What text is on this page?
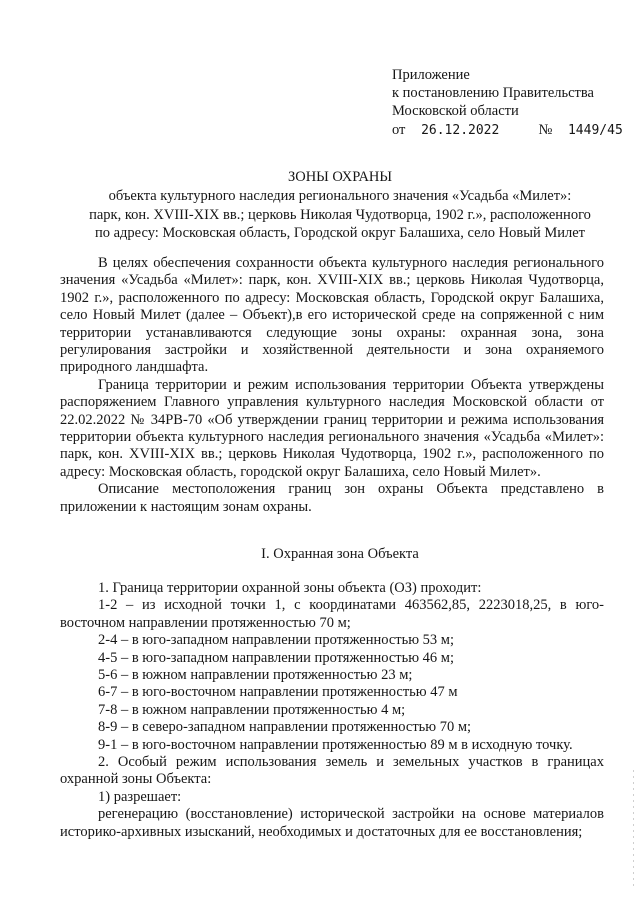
Приложение
к постановлению Правительства
Московской области
от 26.12.2022	№ 1449/45
ЗОНЫ ОХРАНЫ
объекта культурного наследия регионального значения «Усадьба «Милет»:
парк, кон. XVIII-XIX вв.; церковь Николая Чудотворца, 1902 г.», расположенного
по адресу: Московская область, Городской округ Балашиха, село Новый Милет

В целях обеспечения сохранности объекта культурного наследия регионального значения «Усадьба «Милет»: парк, кон. XVIII-XIX вв.; церковь Николая Чудотворца, 1902 г.», расположенного по адресу: Московская область, Городской округ Балашиха, село Новый Милет (далее – Объект),в его исторической среде на сопряженной с ним территории устанавливаются следующие зоны охраны: охранная зона, зона регулирования застройки и хозяйственной деятельности и зона охраняемого природного ландшафта.

Граница территории и режим использования территории Объекта утверждены распоряжением Главного управления культурного наследия Московской области от 22.02.2022 № 34РВ-70 «Об утверждении границ территории и режима использования территории объекта культурного наследия регионального значения «Усадьба «Милет»: парк, кон. XVIII-XIX вв.; церковь Николая Чудотворца, 1902 г.», расположенного по адресу: Московская область, городской округ Балашиха, село Новый Милет».

Описание местоположения границ зон охраны Объекта представлено в приложении к настоящим зонам охраны.

I. Охранная зона Объекта

1. Граница территории охранной зоны объекта (ОЗ) проходит:

1-2 – из исходной точки 1, с координатами 463562,85, 2223018,25, в юго-восточном направлении протяженностью 70 м;

2-4 – в юго-западном направлении протяженностью 53 м;

4-5 – в юго-западном направлении протяженностью 46 м;

5-6 – в южном направлении протяженностью 23 м;

6-7 – в юго-восточном направлении протяженностью 47 м

7-8 – в южном направлении протяженностью 4 м;

8-9 – в северо-западном направлении протяженностью 70 м;

9-1 – в юго-восточном направлении протяженностью 89 м в исходную точку.

2. Особый режим использования земель и земельных участков в границах охранной зоны Объекта:

1) разрешает:

регенерацию (восстановление) исторической застройки на основе материалов историко-архивных изысканий, необходимых и достаточных для ее восстановления;
